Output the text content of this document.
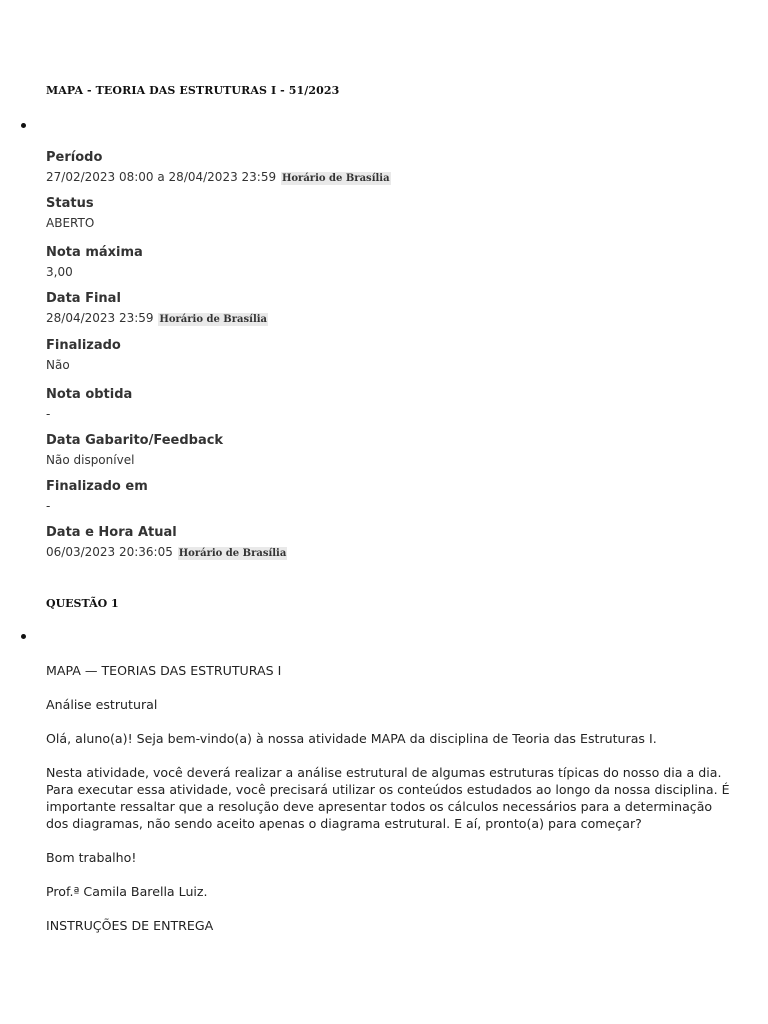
MAPA - TEORIA DAS ESTRUTURAS I - 51/2023
Período
27/02/2023 08:00 a 28/04/2023 23:59 Horário de Brasília
Status
ABERTO
Nota máxima
3,00
Data Final
28/04/2023 23:59 Horário de Brasília
Finalizado
Não
Nota obtida
-
Data Gabarito/Feedback
Não disponível
Finalizado em
-
Data e Hora Atual
06/03/2023 20:36:05 Horário de Brasília
QUESTÃO 1

MAPA — TEORIAS DAS ESTRUTURAS I

Análise estrutural

Olá, aluno(a)! Seja bem-vindo(a) à nossa atividade MAPA da disciplina de Teoria das Estruturas I.

Nesta atividade, você deverá realizar a análise estrutural de algumas estruturas típicas do nosso dia a dia. Para executar essa atividade, você precisará utilizar os conteúdos estudados ao longo da nossa disciplina. É importante ressaltar que a resolução deve apresentar todos os cálculos necessários para a determinação dos diagramas, não sendo aceito apenas o diagrama estrutural. E aí, pronto(a) para começar?

Bom trabalho!

Prof.ª Camila Barella Luiz.

INSTRUÇÕES DE ENTREGA
